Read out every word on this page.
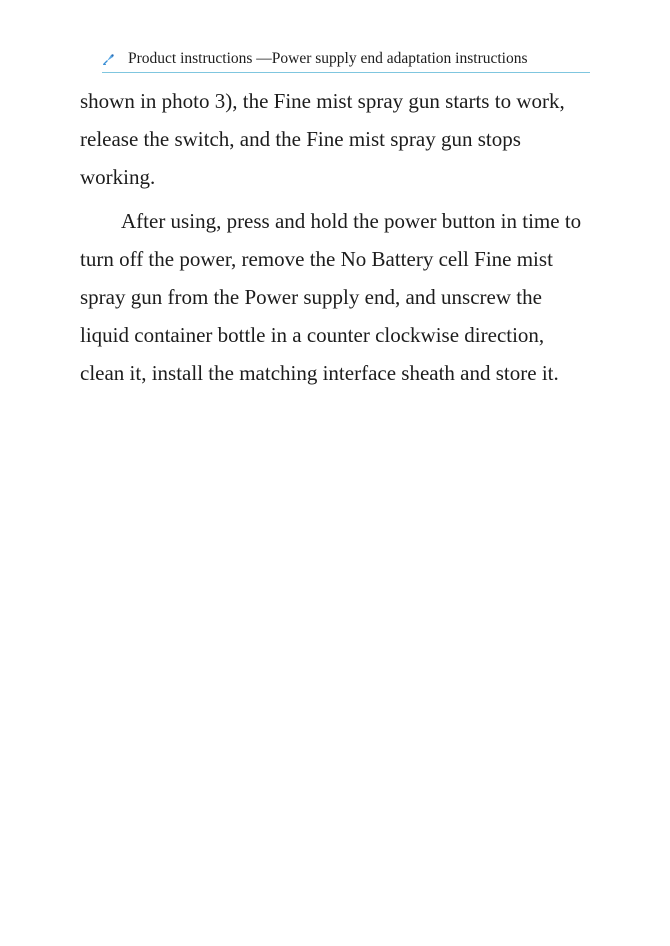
Product instructions —Power supply end adaptation instructions

shown in photo 3), the Fine mist spray gun starts to work, release the switch, and the Fine mist spray gun stops working.

After using, press and hold the power button in time to turn off the power, remove the No Battery cell Fine mist spray gun from the Power supply end, and unscrew the liquid container bottle in a counter clockwise direction, clean it, install the matching interface sheath and store it.
